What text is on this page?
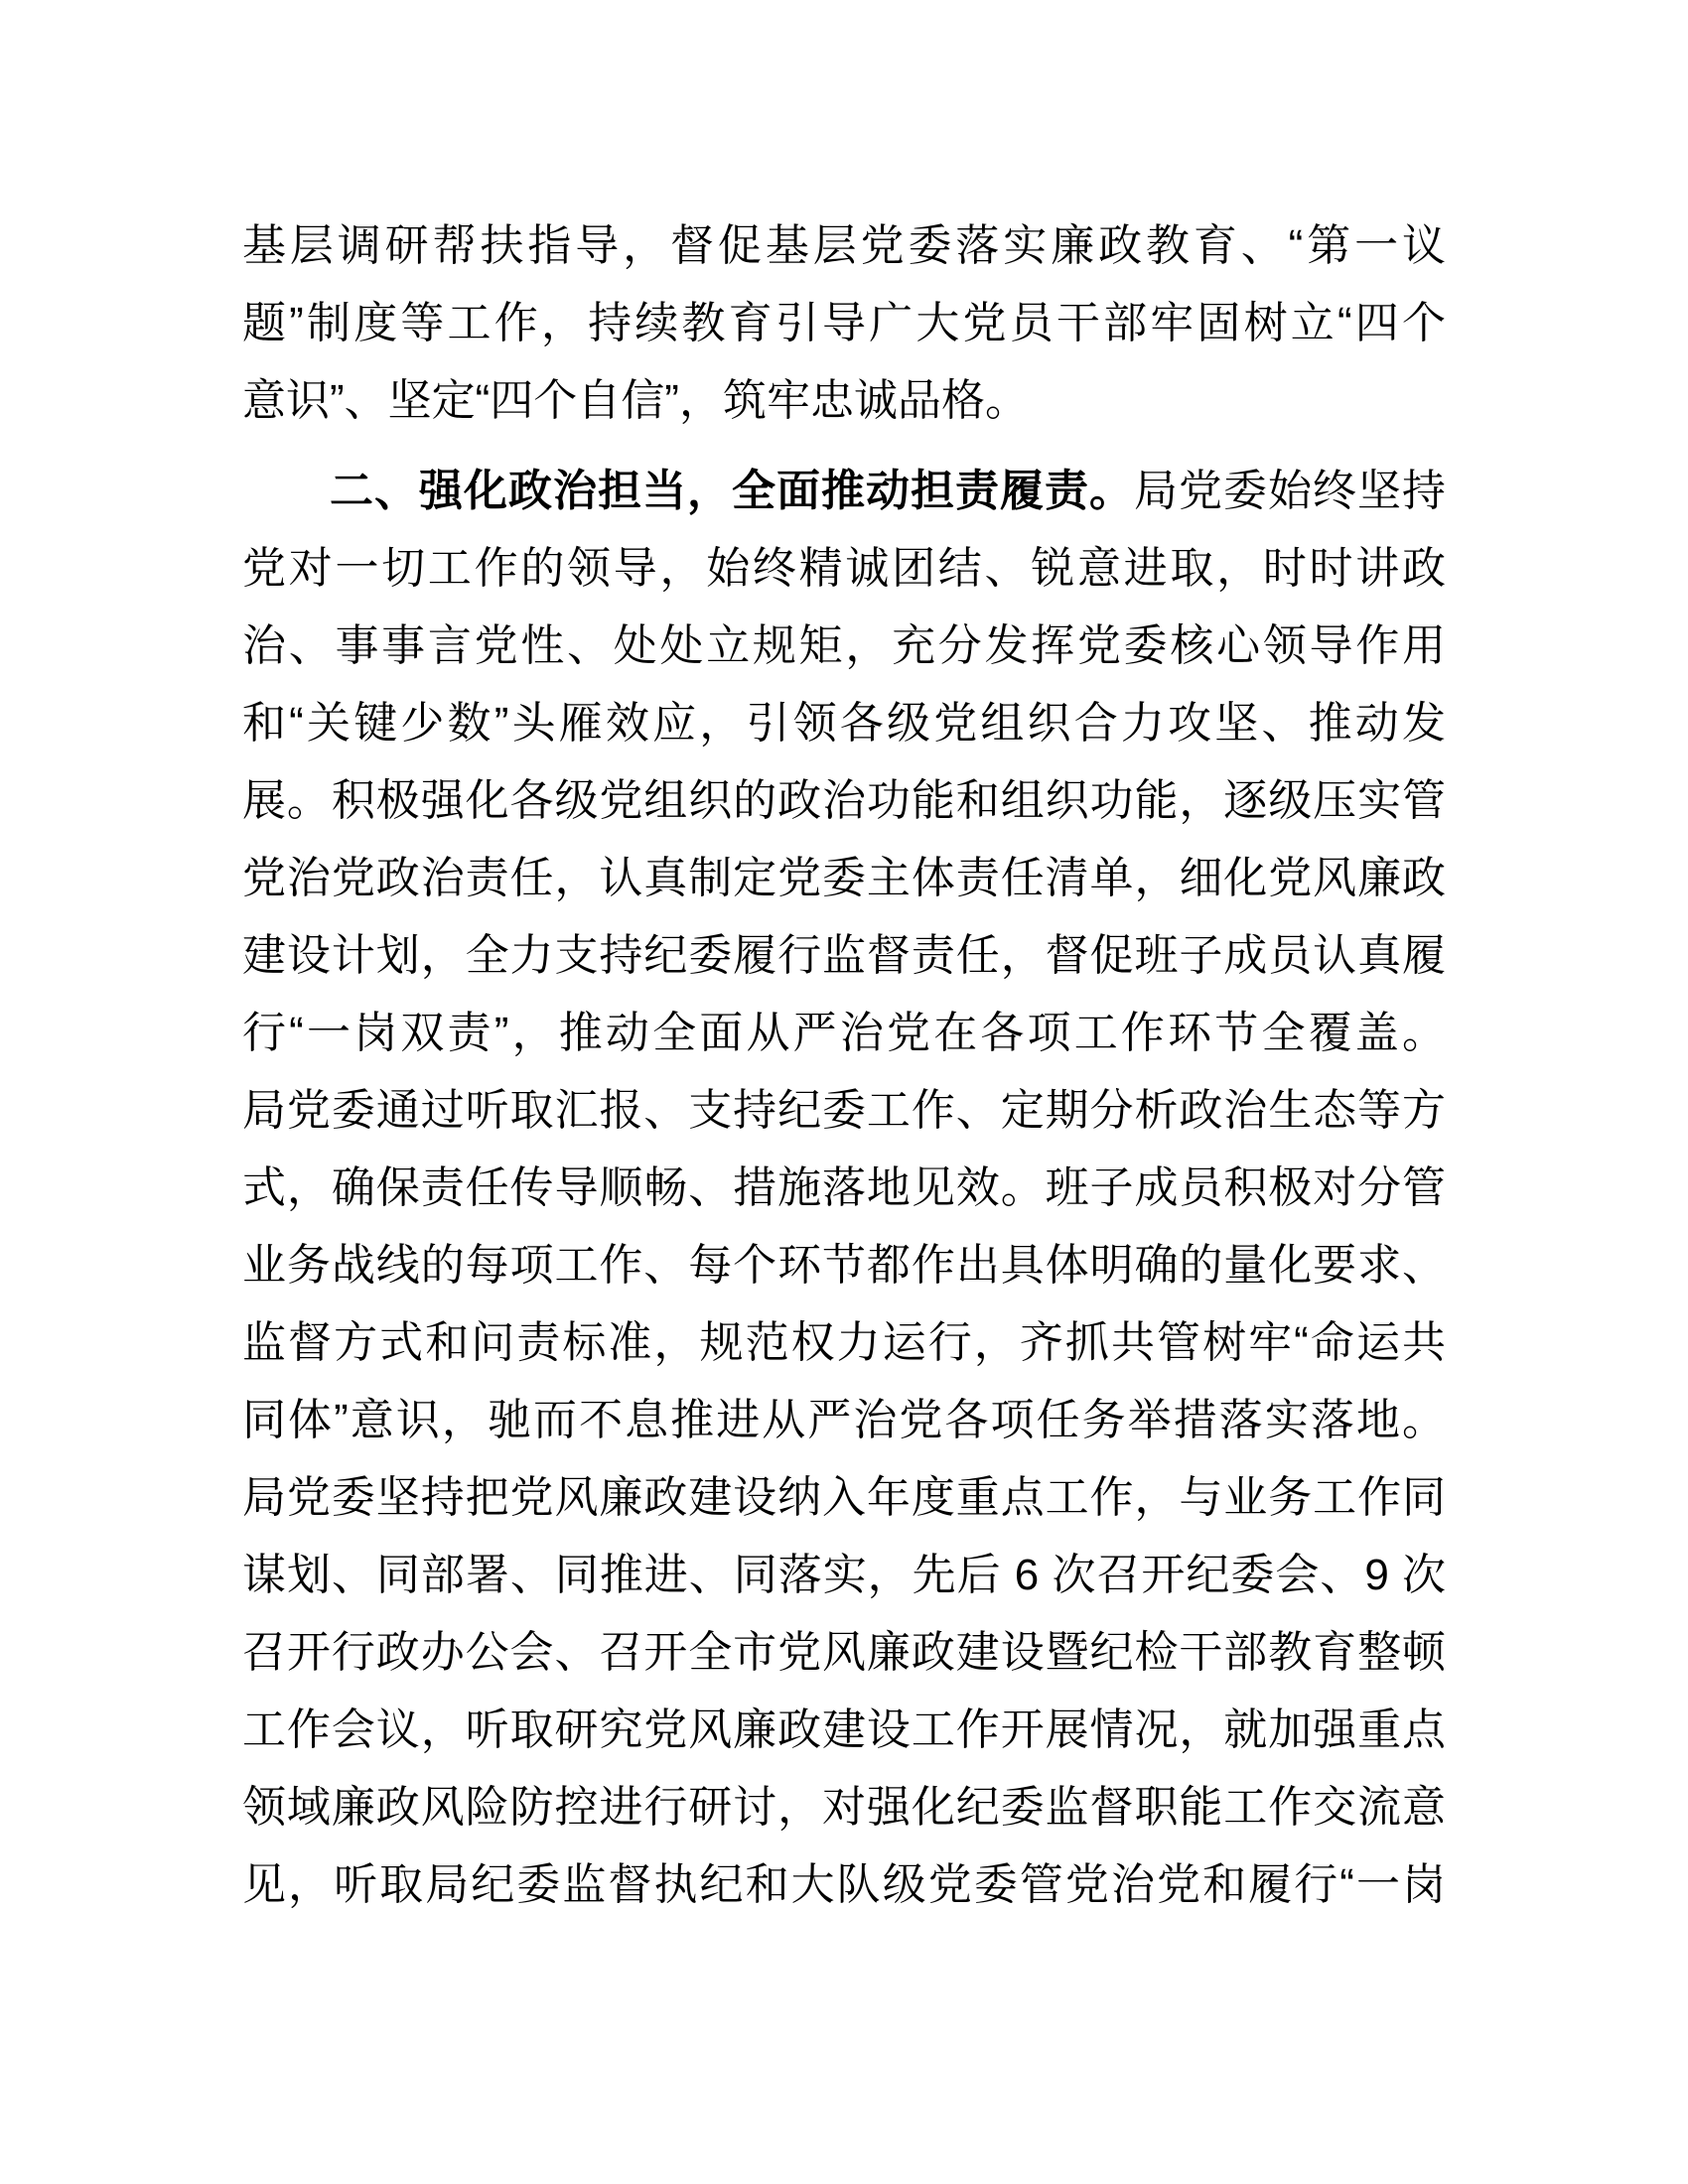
基层调研帮扶指导，督促基层党委落实廉政教育、“第一议
题”制度等工作，持续教育引导广大党员干部牢固树立“四个
意识”、坚定“四个自信”，筑牢忠诚品格。
二、强化政治担当，全面推动担责履责。局党委始终坚持
党对一切工作的领导，始终精诚团结、锐意进取，时时讲政
治、事事言党性、处处立规矩，充分发挥党委核心领导作用
和“关键少数”头雁效应，引领各级党组织合力攻坚、推动发
展。积极强化各级党组织的政治功能和组织功能，逐级压实管
党治党政治责任，认真制定党委主体责任清单，细化党风廉政
建设计划，全力支持纪委履行监督责任，督促班子成员认真履
行“一岗双责”，推动全面从严治党在各项工作环节全覆盖。
局党委通过听取汇报、支持纪委工作、定期分析政治生态等方
式，确保责任传导顺畅、措施落地见效。班子成员积极对分管
业务战线的每项工作、每个环节都作出具体明确的量化要求、
监督方式和问责标准，规范权力运行，齐抓共管树牢“命运共
同体”意识，驰而不息推进从严治党各项任务举措落实落地。
局党委坚持把党风廉政建设纳入年度重点工作，与业务工作同
谋划、同部署、同推进、同落实，先后 6 次召开纪委会、9 次
召开行政办公会、召开全市党风廉政建设暨纪检干部教育整顿
工作会议，听取研究党风廉政建设工作开展情况，就加强重点
领域廉政风险防控进行研讨，对强化纪委监督职能工作交流意
见，听取局纪委监督执纪和大队级党委管党治党和履行“一岗
